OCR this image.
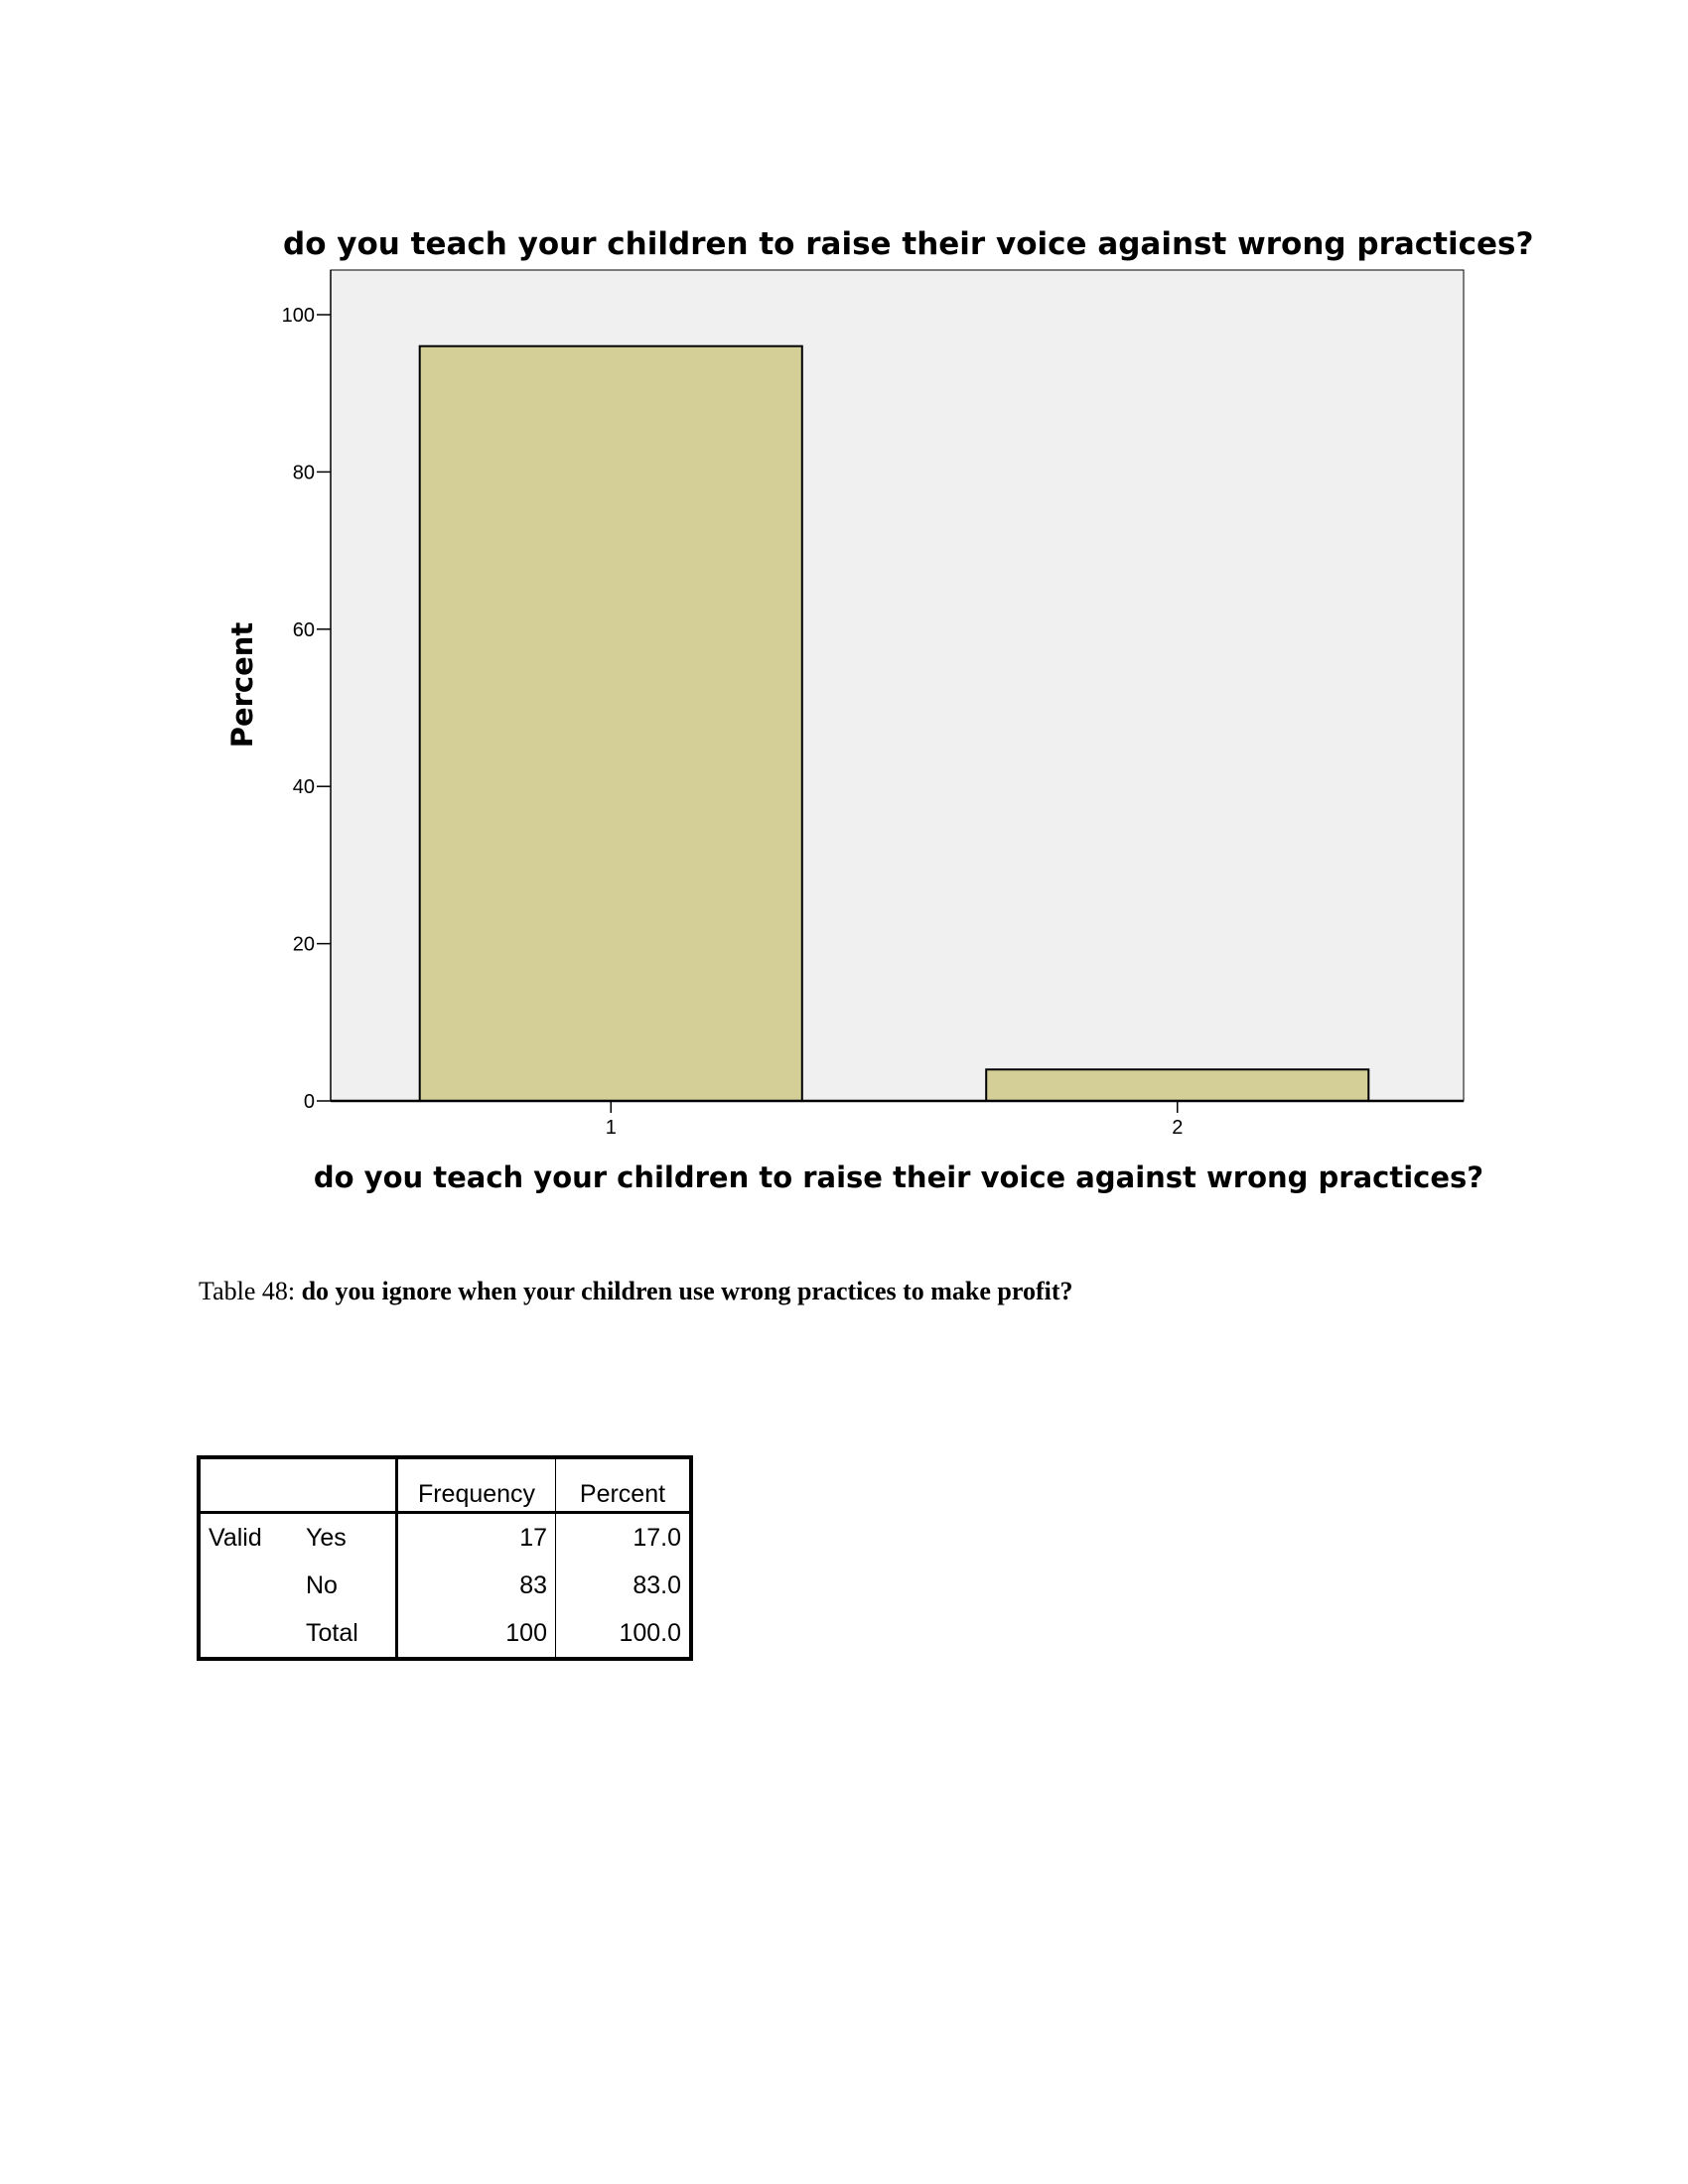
do you teach your children to raise their voice against wrong practices?
0
20
40
60
80
100
1	2
Percent
do you teach your children to raise their voice against wrong practices?
Table 48: do you ignore when your children use wrong practices to make profit?
		Frequency	Percent
Valid	Yes	17	17.0
	No	83	83.0
	Total	100	100.0
